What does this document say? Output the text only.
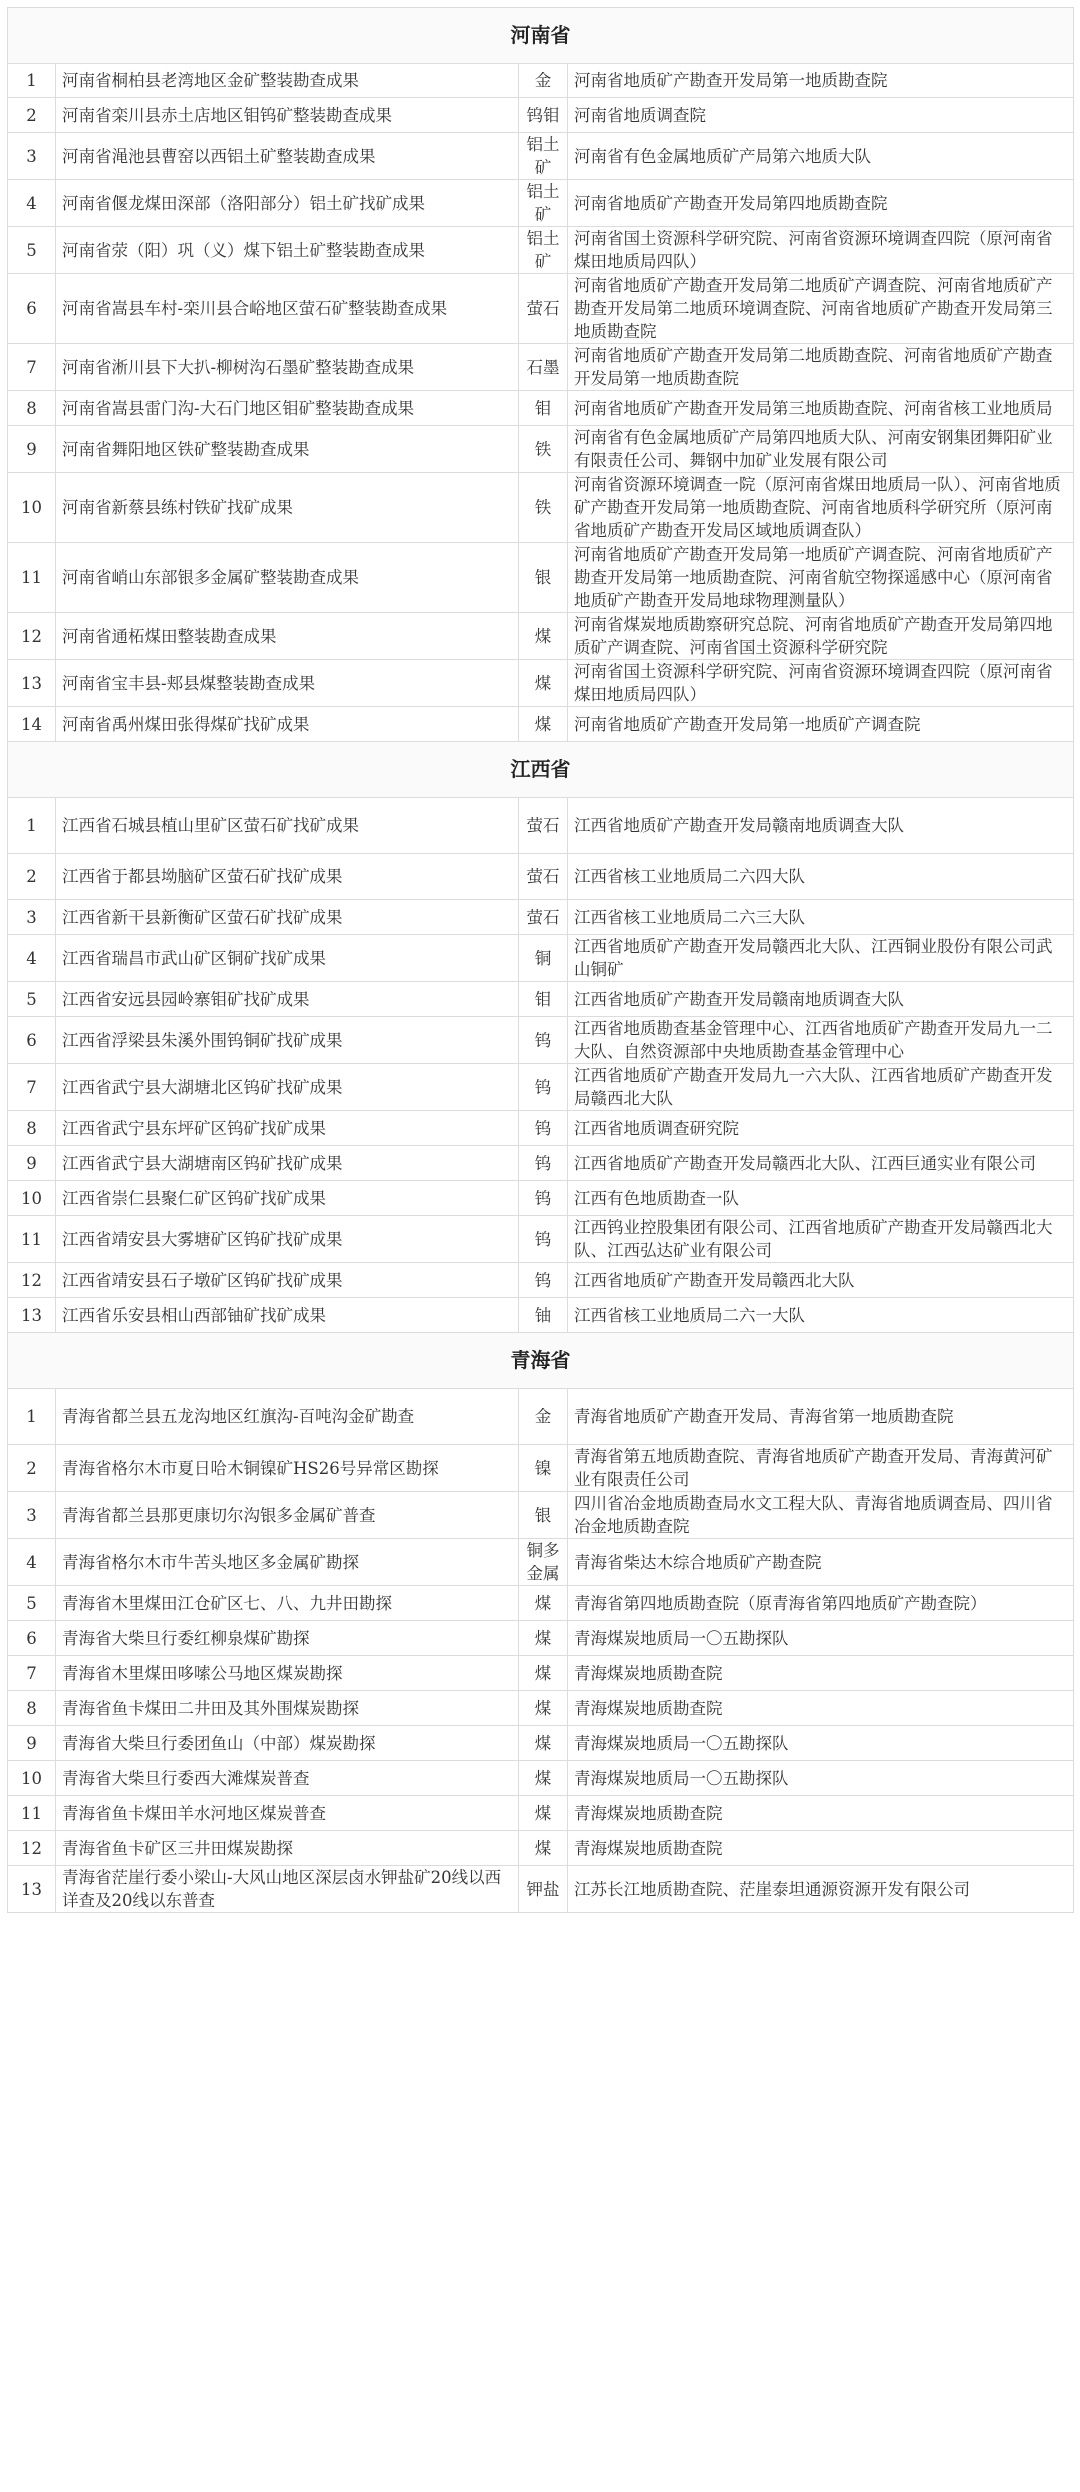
河南省			
1	河南省桐柏县老湾地区金矿整装勘查成果	金	河南省地质矿产勘查开发局第一地质勘查院
2	河南省栾川县赤土店地区钼钨矿整装勘查成果	钨钼	河南省地质调查院
3	河南省渑池县曹窑以西铝土矿整装勘查成果	铝土矿	河南省有色金属地质矿产局第六地质大队
4	河南省偃龙煤田深部（洛阳部分）铝土矿找矿成果	铝土矿	河南省地质矿产勘查开发局第四地质勘查院
5	河南省荥（阳）巩（义）煤下铝土矿整装勘查成果	铝土矿	河南省国土资源科学研究院、河南省资源环境调查四院（原河南省煤田地质局四队）
6	河南省嵩县车村-栾川县合峪地区萤石矿整装勘查成果	萤石	河南省地质矿产勘查开发局第二地质矿产调查院、河南省地质矿产勘查开发局第二地质环境调查院、河南省地质矿产勘查开发局第三地质勘查院
7	河南省淅川县下大扒-柳树沟石墨矿整装勘查成果	石墨	河南省地质矿产勘查开发局第二地质勘查院、河南省地质矿产勘查开发局第一地质勘查院
8	河南省嵩县雷门沟-大石门地区钼矿整装勘查成果	钼	河南省地质矿产勘查开发局第三地质勘查院、河南省核工业地质局
9	河南省舞阳地区铁矿整装勘查成果	铁	河南省有色金属地质矿产局第四地质大队、河南安钢集团舞阳矿业有限责任公司、舞钢中加矿业发展有限公司
10	河南省新蔡县练村铁矿找矿成果	铁	河南省资源环境调查一院（原河南省煤田地质局一队）、河南省地质矿产勘查开发局第一地质勘查院、河南省地质科学研究所（原河南省地质矿产勘查开发局区域地质调查队）
11	河南省峭山东部银多金属矿整装勘查成果	银	河南省地质矿产勘查开发局第一地质矿产调查院、河南省地质矿产勘查开发局第一地质勘查院、河南省航空物探遥感中心（原河南省地质矿产勘查开发局地球物理测量队）
12	河南省通柘煤田整装勘查成果	煤	河南省煤炭地质勘察研究总院、河南省地质矿产勘查开发局第四地质矿产调查院、河南省国土资源科学研究院
13	河南省宝丰县-郏县煤整装勘查成果	煤	河南省国土资源科学研究院、河南省资源环境调查四院（原河南省煤田地质局四队）
14	河南省禹州煤田张得煤矿找矿成果	煤	河南省地质矿产勘查开发局第一地质矿产调查院
江西省			
1	江西省石城县植山里矿区萤石矿找矿成果	萤石	江西省地质矿产勘查开发局赣南地质调查大队
2	江西省于都县坳脑矿区萤石矿找矿成果	萤石	江西省核工业地质局二六四大队
3	江西省新干县新衡矿区萤石矿找矿成果	萤石	江西省核工业地质局二六三大队
4	江西省瑞昌市武山矿区铜矿找矿成果	铜	江西省地质矿产勘查开发局赣西北大队、江西铜业股份有限公司武山铜矿
5	江西省安远县园岭寨钼矿找矿成果	钼	江西省地质矿产勘查开发局赣南地质调查大队
6	江西省浮梁县朱溪外围钨铜矿找矿成果	钨	江西省地质勘查基金管理中心、江西省地质矿产勘查开发局九一二大队、自然资源部中央地质勘查基金管理中心
7	江西省武宁县大湖塘北区钨矿找矿成果	钨	江西省地质矿产勘查开发局九一六大队、江西省地质矿产勘查开发局赣西北大队
8	江西省武宁县东坪矿区钨矿找矿成果	钨	江西省地质调查研究院
9	江西省武宁县大湖塘南区钨矿找矿成果	钨	江西省地质矿产勘查开发局赣西北大队、江西巨通实业有限公司
10	江西省崇仁县聚仁矿区钨矿找矿成果	钨	江西有色地质勘查一队
11	江西省靖安县大雾塘矿区钨矿找矿成果	钨	江西钨业控股集团有限公司、江西省地质矿产勘查开发局赣西北大队、江西弘达矿业有限公司
12	江西省靖安县石子墩矿区钨矿找矿成果	钨	江西省地质矿产勘查开发局赣西北大队
13	江西省乐安县相山西部铀矿找矿成果	铀	江西省核工业地质局二六一大队
青海省			
1	青海省都兰县五龙沟地区红旗沟-百吨沟金矿勘查	金	青海省地质矿产勘查开发局、青海省第一地质勘查院
2	青海省格尔木市夏日哈木铜镍矿HS26号异常区勘探	镍	青海省第五地质勘查院、青海省地质矿产勘查开发局、青海黄河矿业有限责任公司
3	青海省都兰县那更康切尔沟银多金属矿普查	银	四川省冶金地质勘查局水文工程大队、青海省地质调查局、四川省冶金地质勘查院
4	青海省格尔木市牛苦头地区多金属矿勘探	铜多金属	青海省柴达木综合地质矿产勘查院
5	青海省木里煤田江仓矿区七、八、九井田勘探	煤	青海省第四地质勘查院（原青海省第四地质矿产勘查院）
6	青海省大柴旦行委红柳泉煤矿勘探	煤	青海煤炭地质局一〇五勘探队
7	青海省木里煤田哆嗦公马地区煤炭勘探	煤	青海煤炭地质勘查院
8	青海省鱼卡煤田二井田及其外围煤炭勘探	煤	青海煤炭地质勘查院
9	青海省大柴旦行委团鱼山（中部）煤炭勘探	煤	青海煤炭地质局一〇五勘探队
10	青海省大柴旦行委西大滩煤炭普查	煤	青海煤炭地质局一〇五勘探队
11	青海省鱼卡煤田羊水河地区煤炭普查	煤	青海煤炭地质勘查院
12	青海省鱼卡矿区三井田煤炭勘探	煤	青海煤炭地质勘查院
13	青海省茫崖行委小梁山-大风山地区深层卤水钾盐矿20线以西详查及20线以东普查	钾盐	江苏长江地质勘查院、茫崖泰坦通源资源开发有限公司
